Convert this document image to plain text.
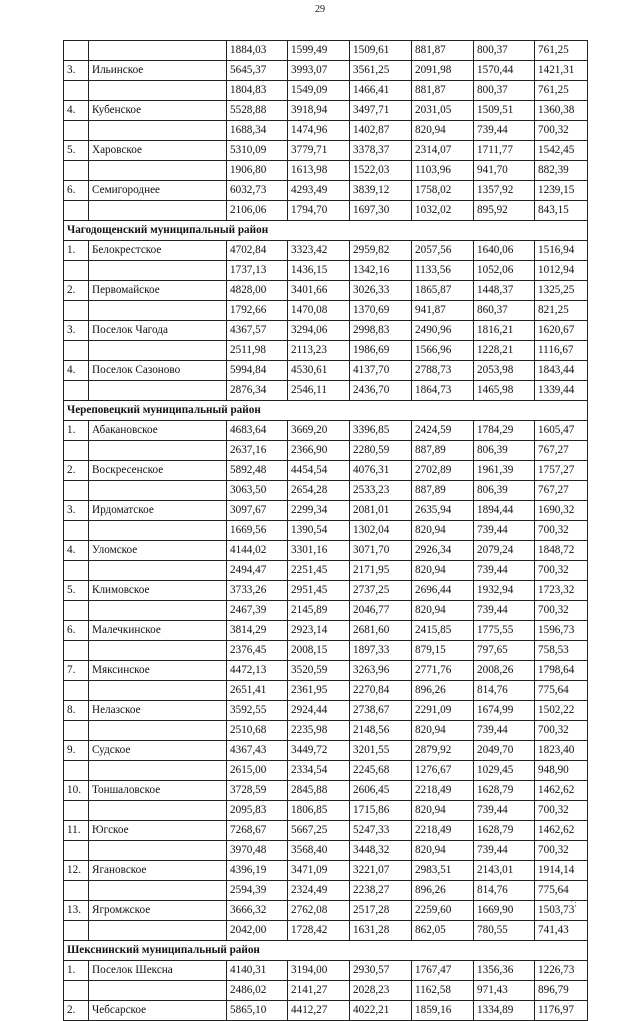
29
		1884,03	1599,49	1509,61	881,87	800,37	761,25
3.	Ильинское	5645,37	3993,07	3561,25	2091,98	1570,44	1421,31
		1804,83	1549,09	1466,41	881,87	800,37	761,25
4.	Кубенское	5528,88	3918,94	3497,71	2031,05	1509,51	1360,38
		1688,34	1474,96	1402,87	820,94	739,44	700,32
5.	Харовское	5310,09	3779,71	3378,37	2314,07	1711,77	1542,45
		1906,80	1613,98	1522,03	1103,96	941,70	882,39
6.	Семигороднее	6032,73	4293,49	3839,12	1758,02	1357,92	1239,15
		2106,06	1794,70	1697,30	1032,02	895,92	843,15
Чагодощенский муниципальный район							
1.	Белокрестское	4702,84	3323,42	2959,82	2057,56	1640,06	1516,94
		1737,13	1436,15	1342,16	1133,56	1052,06	1012,94
2.	Первомайское	4828,00	3401,66	3026,33	1865,87	1448,37	1325,25
		1792,66	1470,08	1370,69	941,87	860,37	821,25
3.	Поселок Чагода	4367,57	3294,06	2998,83	2490,96	1816,21	1620,67
		2511,98	2113,23	1986,69	1566,96	1228,21	1116,67
4.	Поселок Сазоново	5994,84	4530,61	4137,70	2788,73	2053,98	1843,44
		2876,34	2546,11	2436,70	1864,73	1465,98	1339,44
Череповецкий муниципальный район							
1.	Абакановское	4683,64	3669,20	3396,85	2424,59	1784,29	1605,47
		2637,16	2366,90	2280,59	887,89	806,39	767,27
2.	Воскресенское	5892,48	4454,54	4076,31	2702,89	1961,39	1757,27
		3063,50	2654,28	2533,23	887,89	806,39	767,27
3.	Ирдоматское	3097,67	2299,34	2081,01	2635,94	1894,44	1690,32
		1669,56	1390,54	1302,04	820,94	739,44	700,32
4.	Уломское	4144,02	3301,16	3071,70	2926,34	2079,24	1848,72
		2494,47	2251,45	2171,95	820,94	739,44	700,32
5.	Климовское	3733,26	2951,45	2737,25	2696,44	1932,94	1723,32
		2467,39	2145,89	2046,77	820,94	739,44	700,32
6.	Малечкинское	3814,29	2923,14	2681,60	2415,85	1775,55	1596,73
		2376,45	2008,15	1897,33	879,15	797,65	758,53
7.	Мяксинское	4472,13	3520,59	3263,96	2771,76	2008,26	1798,64
		2651,41	2361,95	2270,84	896,26	814,76	775,64
8.	Нелазское	3592,55	2924,44	2738,67	2291,09	1674,99	1502,22
		2510,68	2235,98	2148,56	820,94	739,44	700,32
9.	Судское	4367,43	3449,72	3201,55	2879,92	2049,70	1823,40
		2615,00	2334,54	2245,68	1276,67	1029,45	948,90
10.	Тоншаловское	3728,59	2845,88	2606,45	2218,49	1628,79	1462,62
		2095,83	1806,85	1715,86	820,94	739,44	700,32
11.	Югское	7268,67	5667,25	5247,33	2218,49	1628,79	1462,62
		3970,48	3568,40	3448,32	820,94	739,44	700,32
12.	Ягановское	4396,19	3471,09	3221,07	2983,51	2143,01	1914,14
		2594,39	2324,49	2238,27	896,26	814,76	775,64
13.	Ягромжское	3666,32	2762,08	2517,28	2259,60	1669,90	1503,73
		2042,00	1728,42	1631,28	862,05	780,55	741,43
Шекснинский муниципальный район							
1.	Поселок Шексна	4140,31	3194,00	2930,57	1767,47	1356,36	1226,73
		2486,02	2141,27	2028,23	1162,58	971,43	896,79
2.	Чебсарское	5865,10	4412,27	4022,21	1859,16	1334,89	1176,97
' ;
